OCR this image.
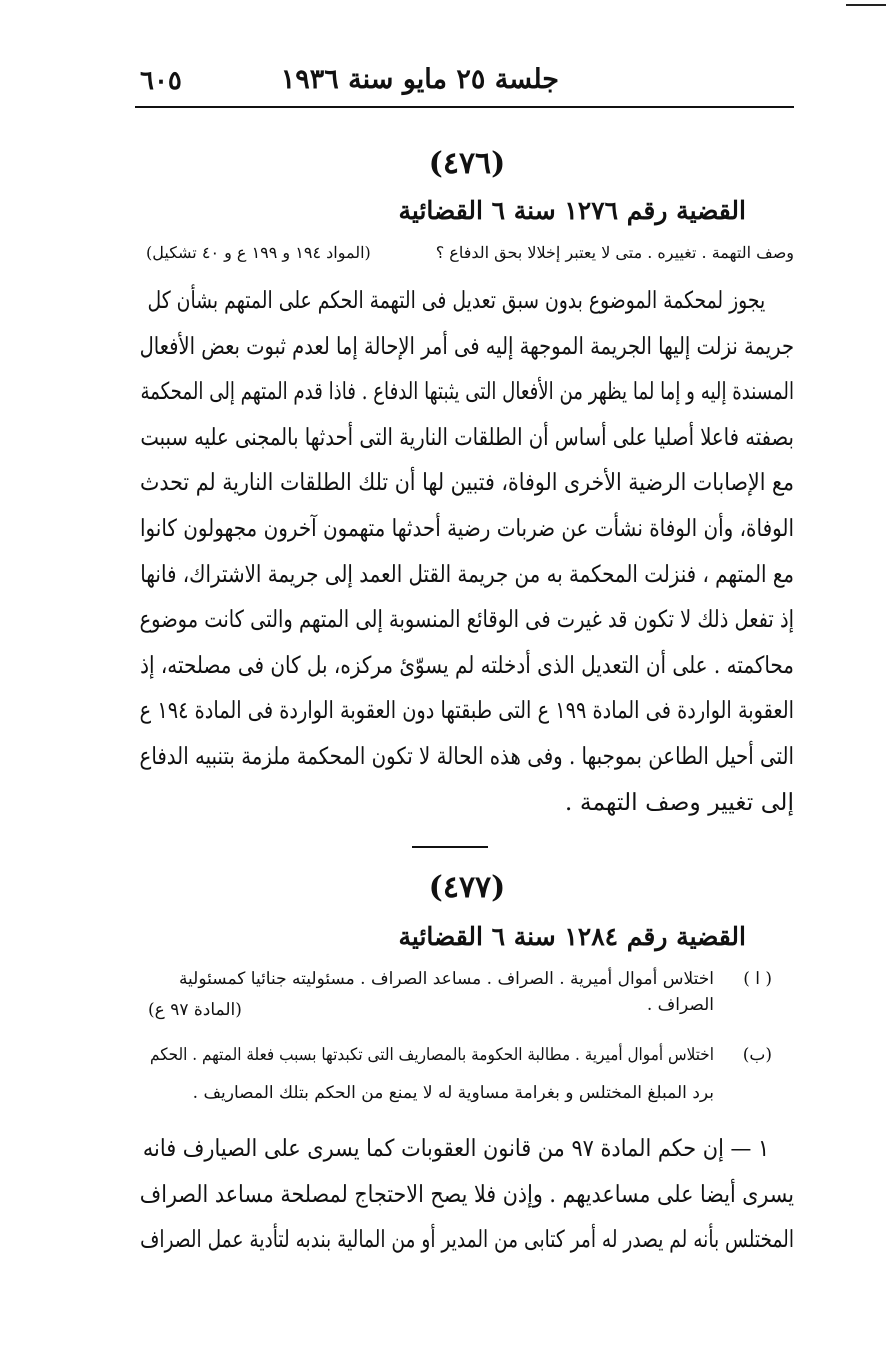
جلسة ٢٥ مايو سنة ١٩٣٦
٦٠٥
(٤٧٦)
القضية رقم ١٢٧٦ سنة ٦ القضائية
وصف التهمة . تغييره . متى لا يعتبر إخلالا بحق الدفاع ؟
(المواد ١٩٤ و ١٩٩ ع و ٤٠ تشكيل)
يجوز لمحكمة الموضوع بدون سبق تعديل فى التهمة الحكم على المتهم بشأن كل
جريمة نزلت إليها الجريمة الموجهة إليه فى أمر الإحالة إما لعدم ثبوت بعض الأفعال
المسندة إليه و إما لما يظهر من الأفعال التى يثبتها الدفاع . فاذا قدم المتهم إلى المحكمة
بصفته فاعلا أصليا على أساس أن الطلقات النارية التى أحدثها بالمجنى عليه سببت
مع الإصابات الرضية الأخرى الوفاة، فتبين لها أن تلك الطلقات النارية لم تحدث
الوفاة، وأن الوفاة نشأت عن ضربات رضية أحدثها متهمون آخرون مجهولون كانوا
مع المتهم ، فنزلت المحكمة به من جريمة القتل العمد إلى جريمة الاشتراك، فانها
إذ تفعل ذلك لا تكون قد غيرت فى الوقائع المنسوبة إلى المتهم والتى كانت موضوع
محاكمته . على أن التعديل الذى أدخلته لم يسوّئ مركزه، بل كان فى مصلحته، إذ
العقوبة الواردة فى المادة ١٩٩ ع التى طبقتها دون العقوبة الواردة فى المادة ١٩٤ ع
التى أحيل الطاعن بموجبها . وفى هذه الحالة لا تكون المحكمة ملزمة بتنبيه الدفاع
إلى تغيير وصف التهمة .
(٤٧٧)
القضية رقم ١٢٨٤ سنة ٦ القضائية
( ا )
اختلاس أموال أميرية . الصراف . مساعد الصراف . مسئوليته جنائيا كمسئولية
الصراف .
(المادة ٩٧ ع)
(ب)
اختلاس أموال أميرية . مطالبة الحكومة بالمصاريف التى تكبدتها بسبب فعلة المتهم . الحكم
برد المبلغ المختلس و بغرامة مساوية له لا يمنع من الحكم بتلك المصاريف .
١ — إن حكم المادة ٩٧ من قانون العقوبات كما يسرى على الصيارف فانه
يسرى أيضا على مساعديهم . وإذن فلا يصح الاحتجاج لمصلحة مساعد الصراف
المختلس بأنه لم يصدر له أمر كتابى من المدير أو من المالية بندبه لتأدية عمل الصراف
